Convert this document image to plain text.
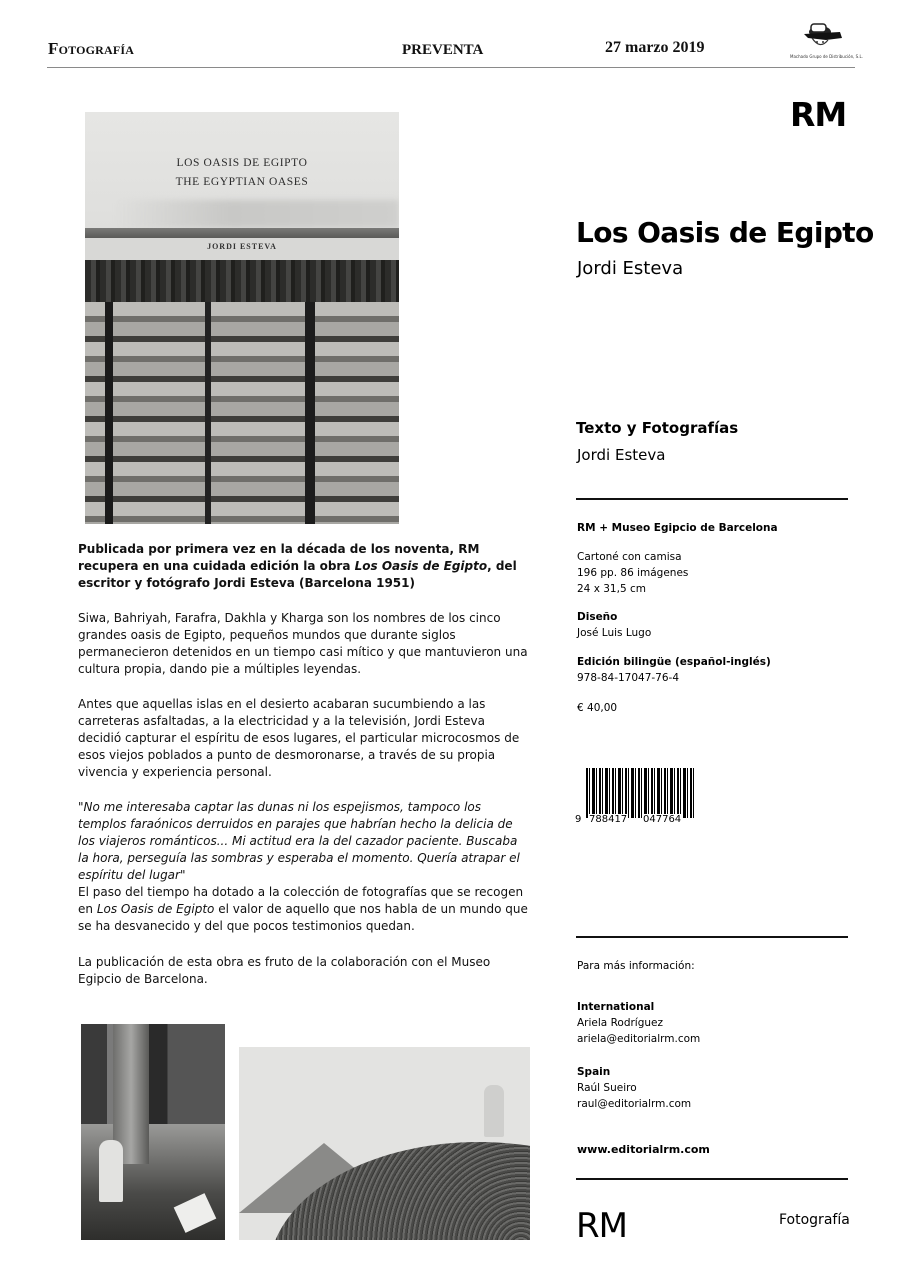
Fotografía	PREVENTA	27 marzo 2019
Machado Grupo de Distribución, S.L.
LOS OASIS DE EGIPTO
THE EGYPTIAN OASES
JORDI ESTEVA
RM
Los Oasis de Egipto
Jordi Esteva
Texto y Fotografías
Jordi Esteva
RM + Museo Egipcio de Barcelona
Cartoné con camisa
196 pp. 86 imágenes
24 x 31,5 cm
Diseño
José Luis Lugo
Edición bilingüe (español-inglés)
978-84-17047-76-4
€ 40,00
9 788417 047764
Para más información:
International
Ariela Rodríguez
ariela@editorialrm.com
Spain
Raúl Sueiro
raul@editorialrm.com
www.editorialrm.com
RM	Fotografía

Publicada por primera vez en la década de los noventa, RM recupera en una cuidada edición la obra Los Oasis de Egipto, del escritor y fotógrafo Jordi Esteva (Barcelona 1951)

Siwa, Bahriyah, Farafra, Dakhla y Kharga son los nombres de los cinco grandes oasis de Egipto, pequeños mundos que durante siglos permanecieron detenidos en un tiempo casi mítico y que mantuvieron una cultura propia, dando pie a múltiples leyendas.

Antes que aquellas islas en el desierto acabaran sucumbiendo a las carreteras asfaltadas, a la electricidad y a la televisión, Jordi Esteva decidió capturar el espíritu de esos lugares, el particular microcosmos de esos viejos poblados a punto de desmoronarse, a través de su propia vivencia y experiencia personal.

"No me interesaba captar las dunas ni los espejismos, tampoco los templos faraónicos derruidos en parajes que habrían hecho la delicia de los viajeros románticos... Mi actitud era la del cazador paciente. Buscaba la hora, perseguía las sombras y esperaba el momento. Quería atrapar el espíritu del lugar"

El paso del tiempo ha dotado a la colección de fotografías que se recogen en Los Oasis de Egipto el valor de aquello que nos habla de un mundo que se ha desvanecido y del que pocos testimonios quedan.

La publicación de esta obra es fruto de la colaboración con el Museo Egipcio de Barcelona.
